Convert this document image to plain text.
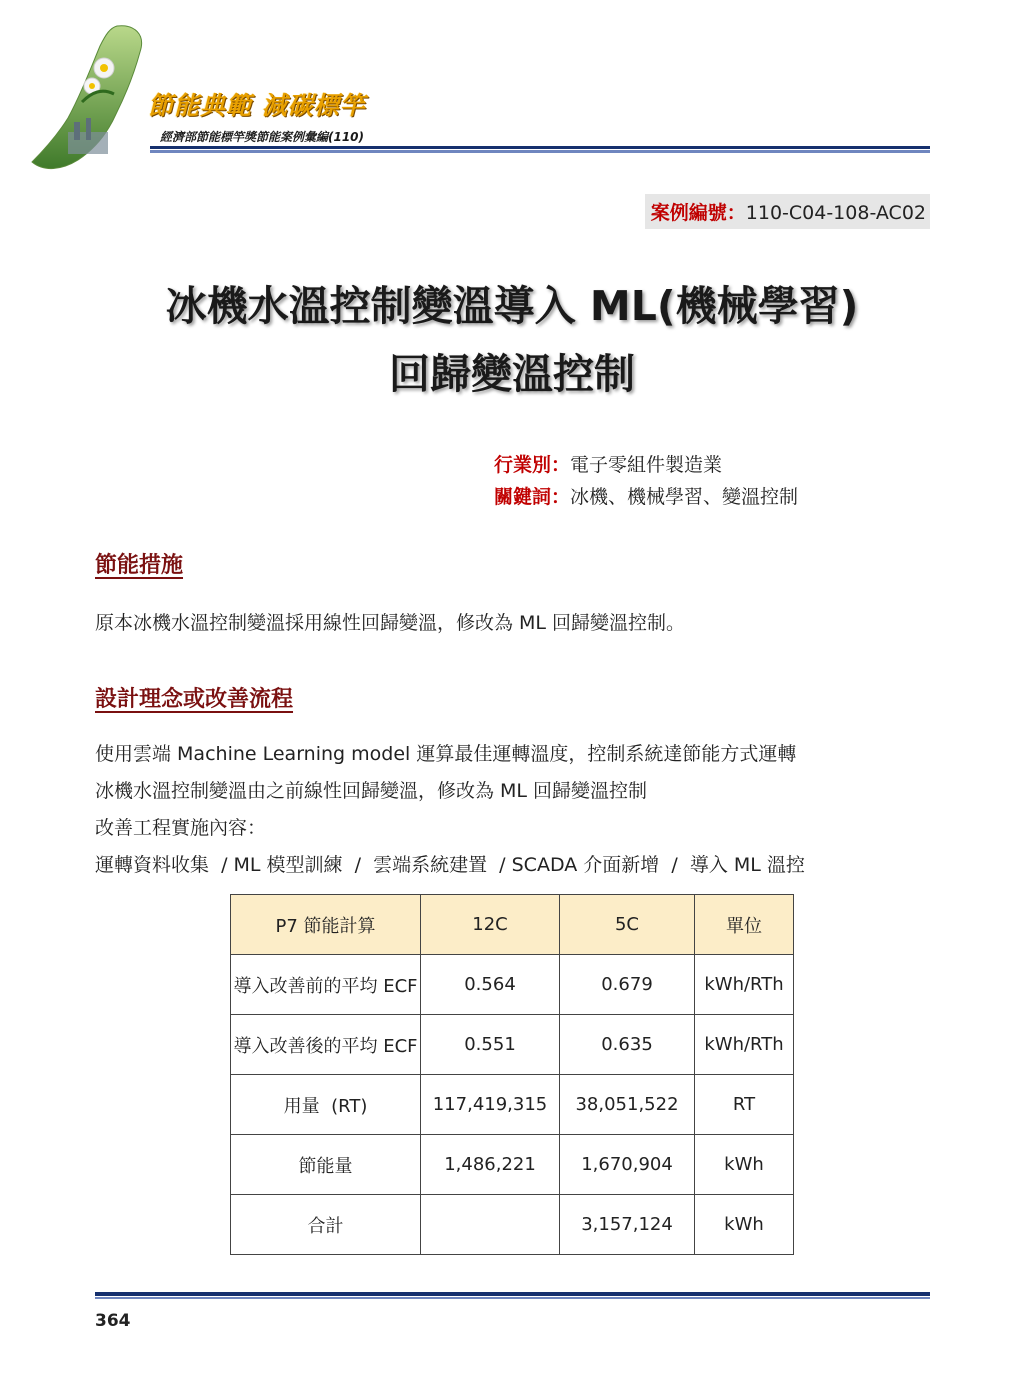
節能典範 減碳標竿
經濟部節能標竿獎節能案例彙編(110)
案例編號：110-C04-108-AC02
冰機水溫控制變溫導入 ML(機械學習)
回歸變溫控制
行業別：電子零組件製造業
關鍵詞：冰機、機械學習、變溫控制
節能措施
原本冰機水溫控制變溫採用線性回歸變溫，修改為 ML 回歸變溫控制。
設計理念或改善流程
使用雲端 Machine Learning model 運算最佳運轉溫度，控制系統達節能方式運轉
冰機水溫控制變溫由之前線性回歸變溫，修改為 ML 回歸變溫控制
改善工程實施內容：
運轉資料收集  / ML 模型訓練  /  雲端系統建置  / SCADA 介面新增  /  導入 ML 溫控
P7 節能計算	12C	5C	單位
導入改善前的平均 ECF	0.564	0.679	kWh/RTh
導入改善後的平均 ECF	0.551	0.635	kWh/RTh
用量  (RT)	117,419,315	38,051,522	RT
節能量	1,486,221	1,670,904	kWh
合計		3,157,124	kWh
364
